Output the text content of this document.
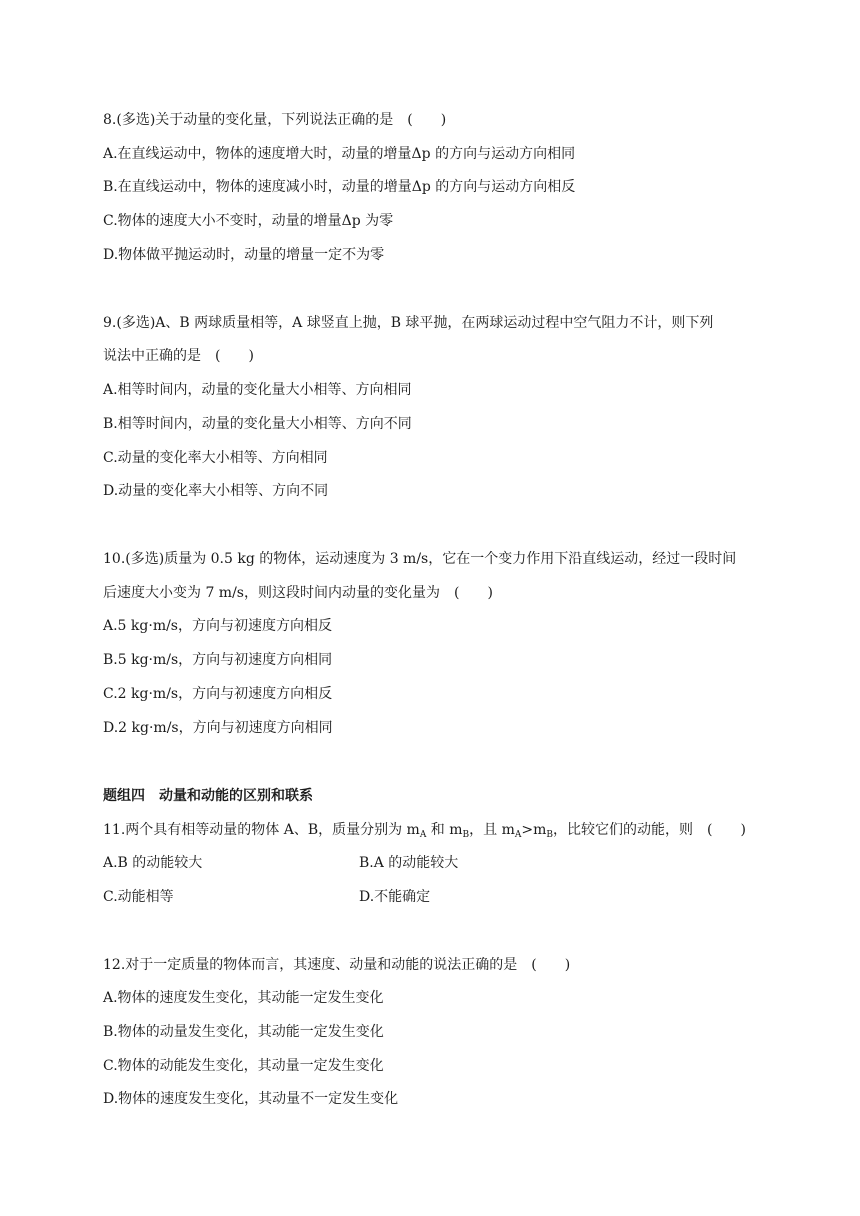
8.(多选)关于动量的变化量，下列说法正确的是　(　　)
A.在直线运动中，物体的速度增大时，动量的增量Δp 的方向与运动方向相同
B.在直线运动中，物体的速度减小时，动量的增量Δp 的方向与运动方向相反
C.物体的速度大小不变时，动量的增量Δp 为零
D.物体做平抛运动时，动量的增量一定不为零
9.(多选)A、B 两球质量相等，A 球竖直上抛，B 球平抛，在两球运动过程中空气阻力不计，则下列
说法中正确的是　(　　)
A.相等时间内，动量的变化量大小相等、方向相同
B.相等时间内，动量的变化量大小相等、方向不同
C.动量的变化率大小相等、方向相同
D.动量的变化率大小相等、方向不同
10.(多选)质量为 0.5 kg 的物体，运动速度为 3 m/s，它在一个变力作用下沿直线运动，经过一段时间
后速度大小变为 7 m/s，则这段时间内动量的变化量为　(　　)
A.5 kg·m/s，方向与初速度方向相反
B.5 kg·m/s，方向与初速度方向相同
C.2 kg·m/s，方向与初速度方向相反
D.2 kg·m/s，方向与初速度方向相同
题组四　动量和动能的区别和联系
11.两个具有相等动量的物体 A、B，质量分别为 $m_A$ 和 $m_B$，且 $m_A>m_B$，比较它们的动能，则　(　　)
A.B 的动能较大	B.A 的动能较大
C.动能相等	D.不能确定
12.对于一定质量的物体而言，其速度、动量和动能的说法正确的是　(　　)
A.物体的速度发生变化，其动能一定发生变化
B.物体的动量发生变化，其动能一定发生变化
C.物体的动能发生变化，其动量一定发生变化
D.物体的速度发生变化，其动量不一定发生变化
